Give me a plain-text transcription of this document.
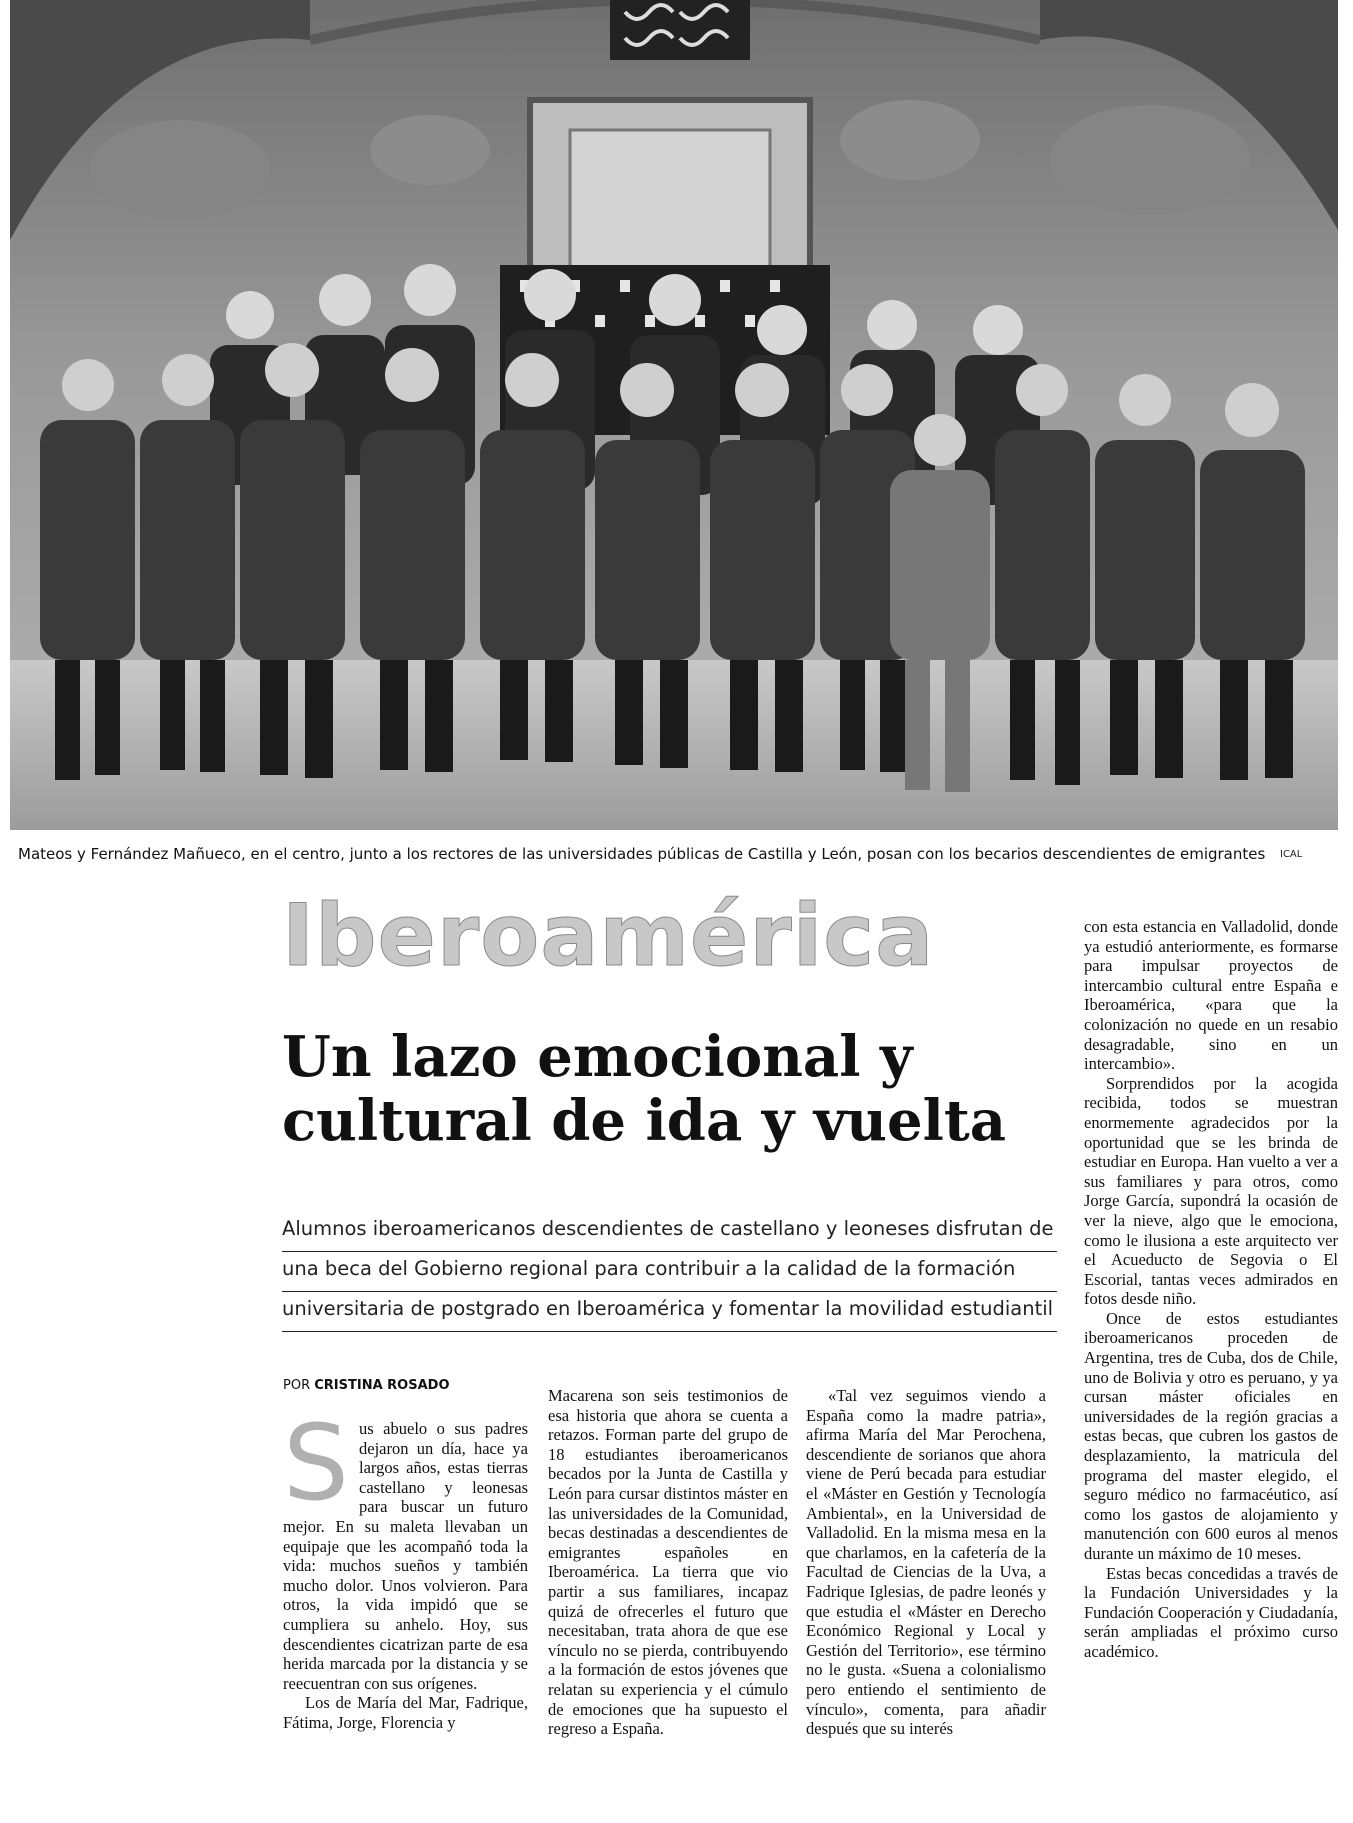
Mateos y Fernández Mañueco, en el centro, junto a los rectores de las universidades públicas de Castilla y León, posan con los becarios descendientes de emigrantes ICAL
Iberoamérica
Un lazo emocional y
cultural de ida y vuelta
Alumnos iberoamericanos descendientes de castellano y leoneses disfrutan de
una beca del Gobierno regional para contribuir a la calidad de la formación
universitaria de postgrado en Iberoamérica y fomentar la movilidad estudiantil
POR CRISTINA ROSADO

Sus abuelo o sus padres dejaron un día, hace ya largos años, estas tierras castellano y leonesas para buscar un futuro mejor. En su maleta llevaban un equipaje que les acompañó toda la vida: muchos sueños y también mucho dolor. Unos volvieron. Para otros, la vida impidó que se cumpliera su anhelo. Hoy, sus descendientes cicatrizan parte de esa herida marcada por la distancia y se reecuentran con sus orígenes.

Los de María del Mar, Fadrique, Fátima, Jorge, Florencia y

Macarena son seis testimonios de esa historia que ahora se cuenta a retazos. Forman parte del grupo de 18 estudiantes iberoamericanos becados por la Junta de Castilla y León para cursar distintos máster en las universidades de la Comunidad, becas destinadas a descendientes de emigrantes españoles en Iberoamérica. La tierra que vio partir a sus familiares, incapaz quizá de ofrecerles el futuro que necesitaban, trata ahora de que ese vínculo no se pierda, contribuyendo a la formación de estos jóvenes que relatan su experiencia y el cúmulo de emociones que ha supuesto el regreso a España.

«Tal vez seguimos viendo a España como la madre patria», afirma María del Mar Perochena, descendiente de sorianos que ahora viene de Perú becada para estudiar el «Máster en Gestión y Tecnología Ambiental», en la Universidad de Valladolid. En la misma mesa en la que charlamos, en la cafetería de la Facultad de Ciencias de la Uva, a Fadrique Iglesias, de padre leonés y que estudia el «Máster en Derecho Económico Regional y Local y Gestión del Territorio», ese término no le gusta. «Suena a colonialismo pero entiendo el sentimiento de vínculo», comenta, para añadir después que su interés

con esta estancia en Valladolid, donde ya estudió anteriormente, es formarse para impulsar proyectos de intercambio cultural entre España e Iberoamérica, «para que la colonización no quede en un resabio desagradable, sino en un intercambio».

Sorprendidos por la acogida recibida, todos se muestran enormemente agradecidos por la oportunidad que se les brinda de estudiar en Europa. Han vuelto a ver a sus familiares y para otros, como Jorge García, supondrá la ocasión de ver la nieve, algo que le emociona, como le ilusiona a este arquitecto ver el Acueducto de Segovia o El Escorial, tantas veces admirados en fotos desde niño.

Once de estos estudiantes iberoamericanos proceden de Argentina, tres de Cuba, dos de Chile, uno de Bolivia y otro es peruano, y ya cursan máster oficiales en universidades de la región gracias a estas becas, que cubren los gastos de desplazamiento, la matricula del programa del master elegido, el seguro médico no farmacéutico, así como los gastos de alojamiento y manutención con 600 euros al menos durante un máximo de 10 meses.

Estas becas concedidas a través de la Fundación Universidades y la Fundación Cooperación y Ciudadanía, serán ampliadas el próximo curso académico.
